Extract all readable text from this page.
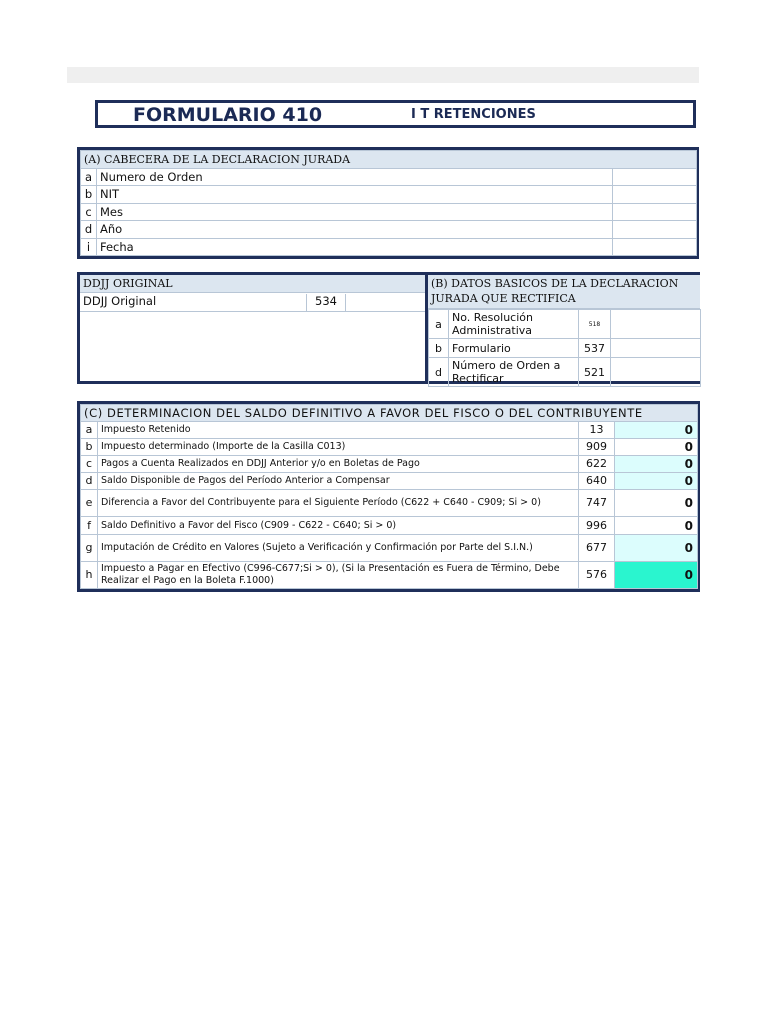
FORMULARIO 410	I T RETENCIONES
(A) CABECERA DE LA DECLARACION JURADA		
a	Numero de Orden	
b	NIT	
c	Mes	
d	Año	
i	Fecha	
DDJJ ORIGINAL
DDJJ Original	534
(B) DATOS BASICOS DE LA DECLARACION JURADA QUE RECTIFICA
a	No. Resolución Administrativa	518	
b	Formulario	537	
d	Número de Orden a Rectificar	521	
(C) DETERMINACION DEL SALDO DEFINITIVO A FAVOR DEL FISCO O DEL CONTRIBUYENTE			
a	Impuesto Retenido	13	0
b	Impuesto determinado (Importe de la Casilla C013)	909	0
c	Pagos a Cuenta Realizados en DDJJ Anterior y/o en Boletas de Pago	622	0
d	Saldo Disponible de Pagos del Período Anterior a Compensar	640	0
e	Diferencia a Favor del Contribuyente para el Siguiente Período (C622 + C640 - C909; Si > 0)	747	0
f	Saldo Definitivo a Favor del Fisco (C909 - C622 - C640; Si > 0)	996	0
g	Imputación de Crédito en Valores (Sujeto a Verificación y Confirmación por Parte del S.I.N.)	677	0
h	Impuesto a Pagar en Efectivo (C996-C677;Si > 0), (Si la Presentación es Fuera de Término, Debe Realizar el Pago en la Boleta F.1000)	576	0
